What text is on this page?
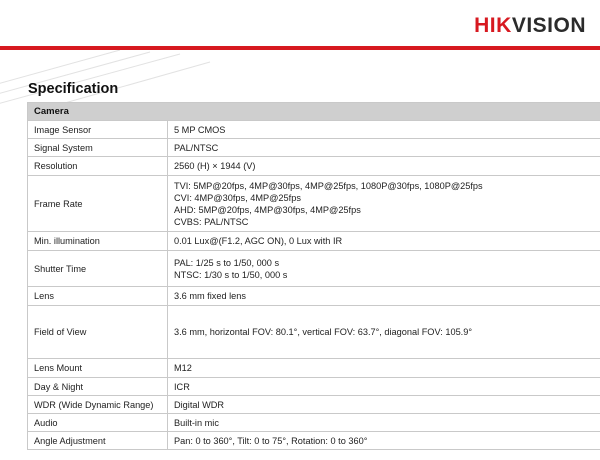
HIKVISION
Specification
Camera	
Image Sensor	5 MP CMOS

Signal System	PAL/NTSC

Resolution	2560 (H) × 1944 (V)

Frame Rate	TVI: 5MP@20fps, 4MP@30fps, 4MP@25fps, 1080P@30fps, 1080P@25fps
CVI: 4MP@30fps, 4MP@25fps
AHD: 5MP@20fps, 4MP@30fps, 4MP@25fps
CVBS: PAL/NTSC

Min. illumination	0.01 Lux@(F1.2, AGC ON), 0 Lux with IR

Shutter Time	PAL: 1/25 s to 1/50, 000 s
NTSC: 1/30 s to 1/50, 000 s

Lens	3.6 mm fixed lens

Field of View	3.6 mm, horizontal FOV: 80.1°, vertical FOV: 63.7°, diagonal FOV: 105.9°

Lens Mount	M12

Day & Night	ICR

WDR (Wide Dynamic Range)	Digital WDR

Audio	Built-in mic

Angle Adjustment	Pan: 0 to 360°, Tilt: 0 to 75°, Rotation: 0 to 360°
